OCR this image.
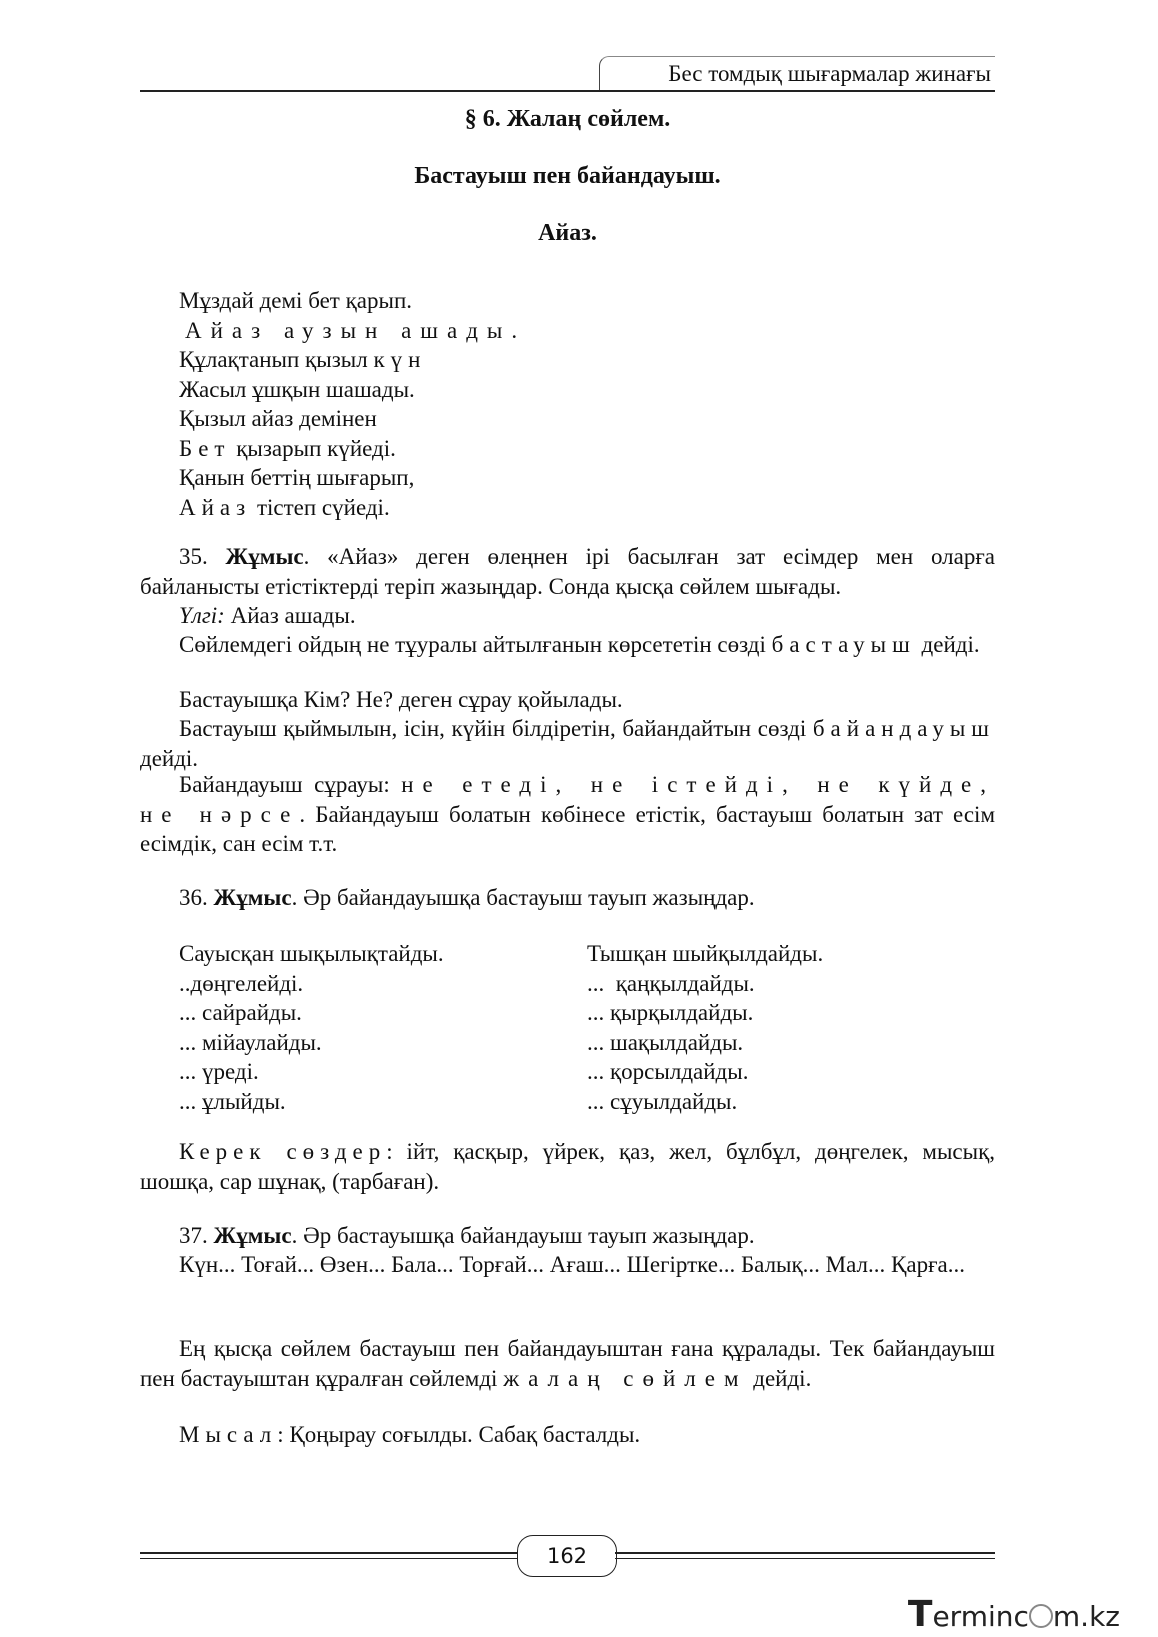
Бес томдық шығармалар жинағы
§ 6. Жалаң сөйлем.
Бастауыш пен байандауыш.
Айаз.
Мұздай демі бет қарып.
Айаз аузын ашады.
Құлақтанып қызыл күн
Жасыл ұшқын шашады.
Қызыл айаз демінен
Бет қызарып күйеді.
Қанын беттің шығарып,
Айаз тістеп сүйеді.
35. Жұмыс. «Айаз» деген өлеңнен ірі басылған зат есімдер мен оларға байланысты етістіктерді теріп жазыңдар. Сонда қысқа сөйлем шығады.
Үлгі: Айаз ашады.
Сөйлемдегі ойдың не тұуралы айтылғанын көрсететін сөзді бастауыш дейді.
Бастауышқа Кім? Не? деген сұрау қойылады.
Бастауыш қыймылын, ісін, күйін білдіретін, байандайтын сөзді байандауыш дейді.
Байандауыш сұрауы: не етеді, не істейді, не күйде, не нәрсе. Байандауыш болатын көбінесе етістік, бастауыш болатын зат есім есімдік, сан есім т.т.
36. Жұмыс. Әр байандауышқа бастауыш тауып жазыңдар.
Сауысқан шықылықтайды.
..дөңгелейді.
... сайрайды.
... мійаулайды.
... үреді.
... ұлыйды.
Тышқан шыйқылдайды.
...  қаңқылдайды.
... қырқылдайды.
... шақылдайды.
... қорсылдайды.
... сұуылдайды.
Керек сөздер: ійт, қасқыр, үйрек, қаз, жел, бұлбұл, дөңгелек, мысық, шошқа, сар шұнақ, (тарбаған).
37. Жұмыс. Әр бастауышқа байандауыш тауып жазыңдар.
Күн... Тоғай... Өзен... Бала... Торғай... Ағаш... Шегіртке... Балық... Мал... Қарға...
Ең қысқа сөйлем бастауыш пен байандауыштан ғана құралады. Тек байандауыш пен бастауыштан құралған сөйлемді жалаң сөйлем дейді.
Мысал: Қоңырау соғылды. Сабақ басталды.
162
Terminc m.kz
